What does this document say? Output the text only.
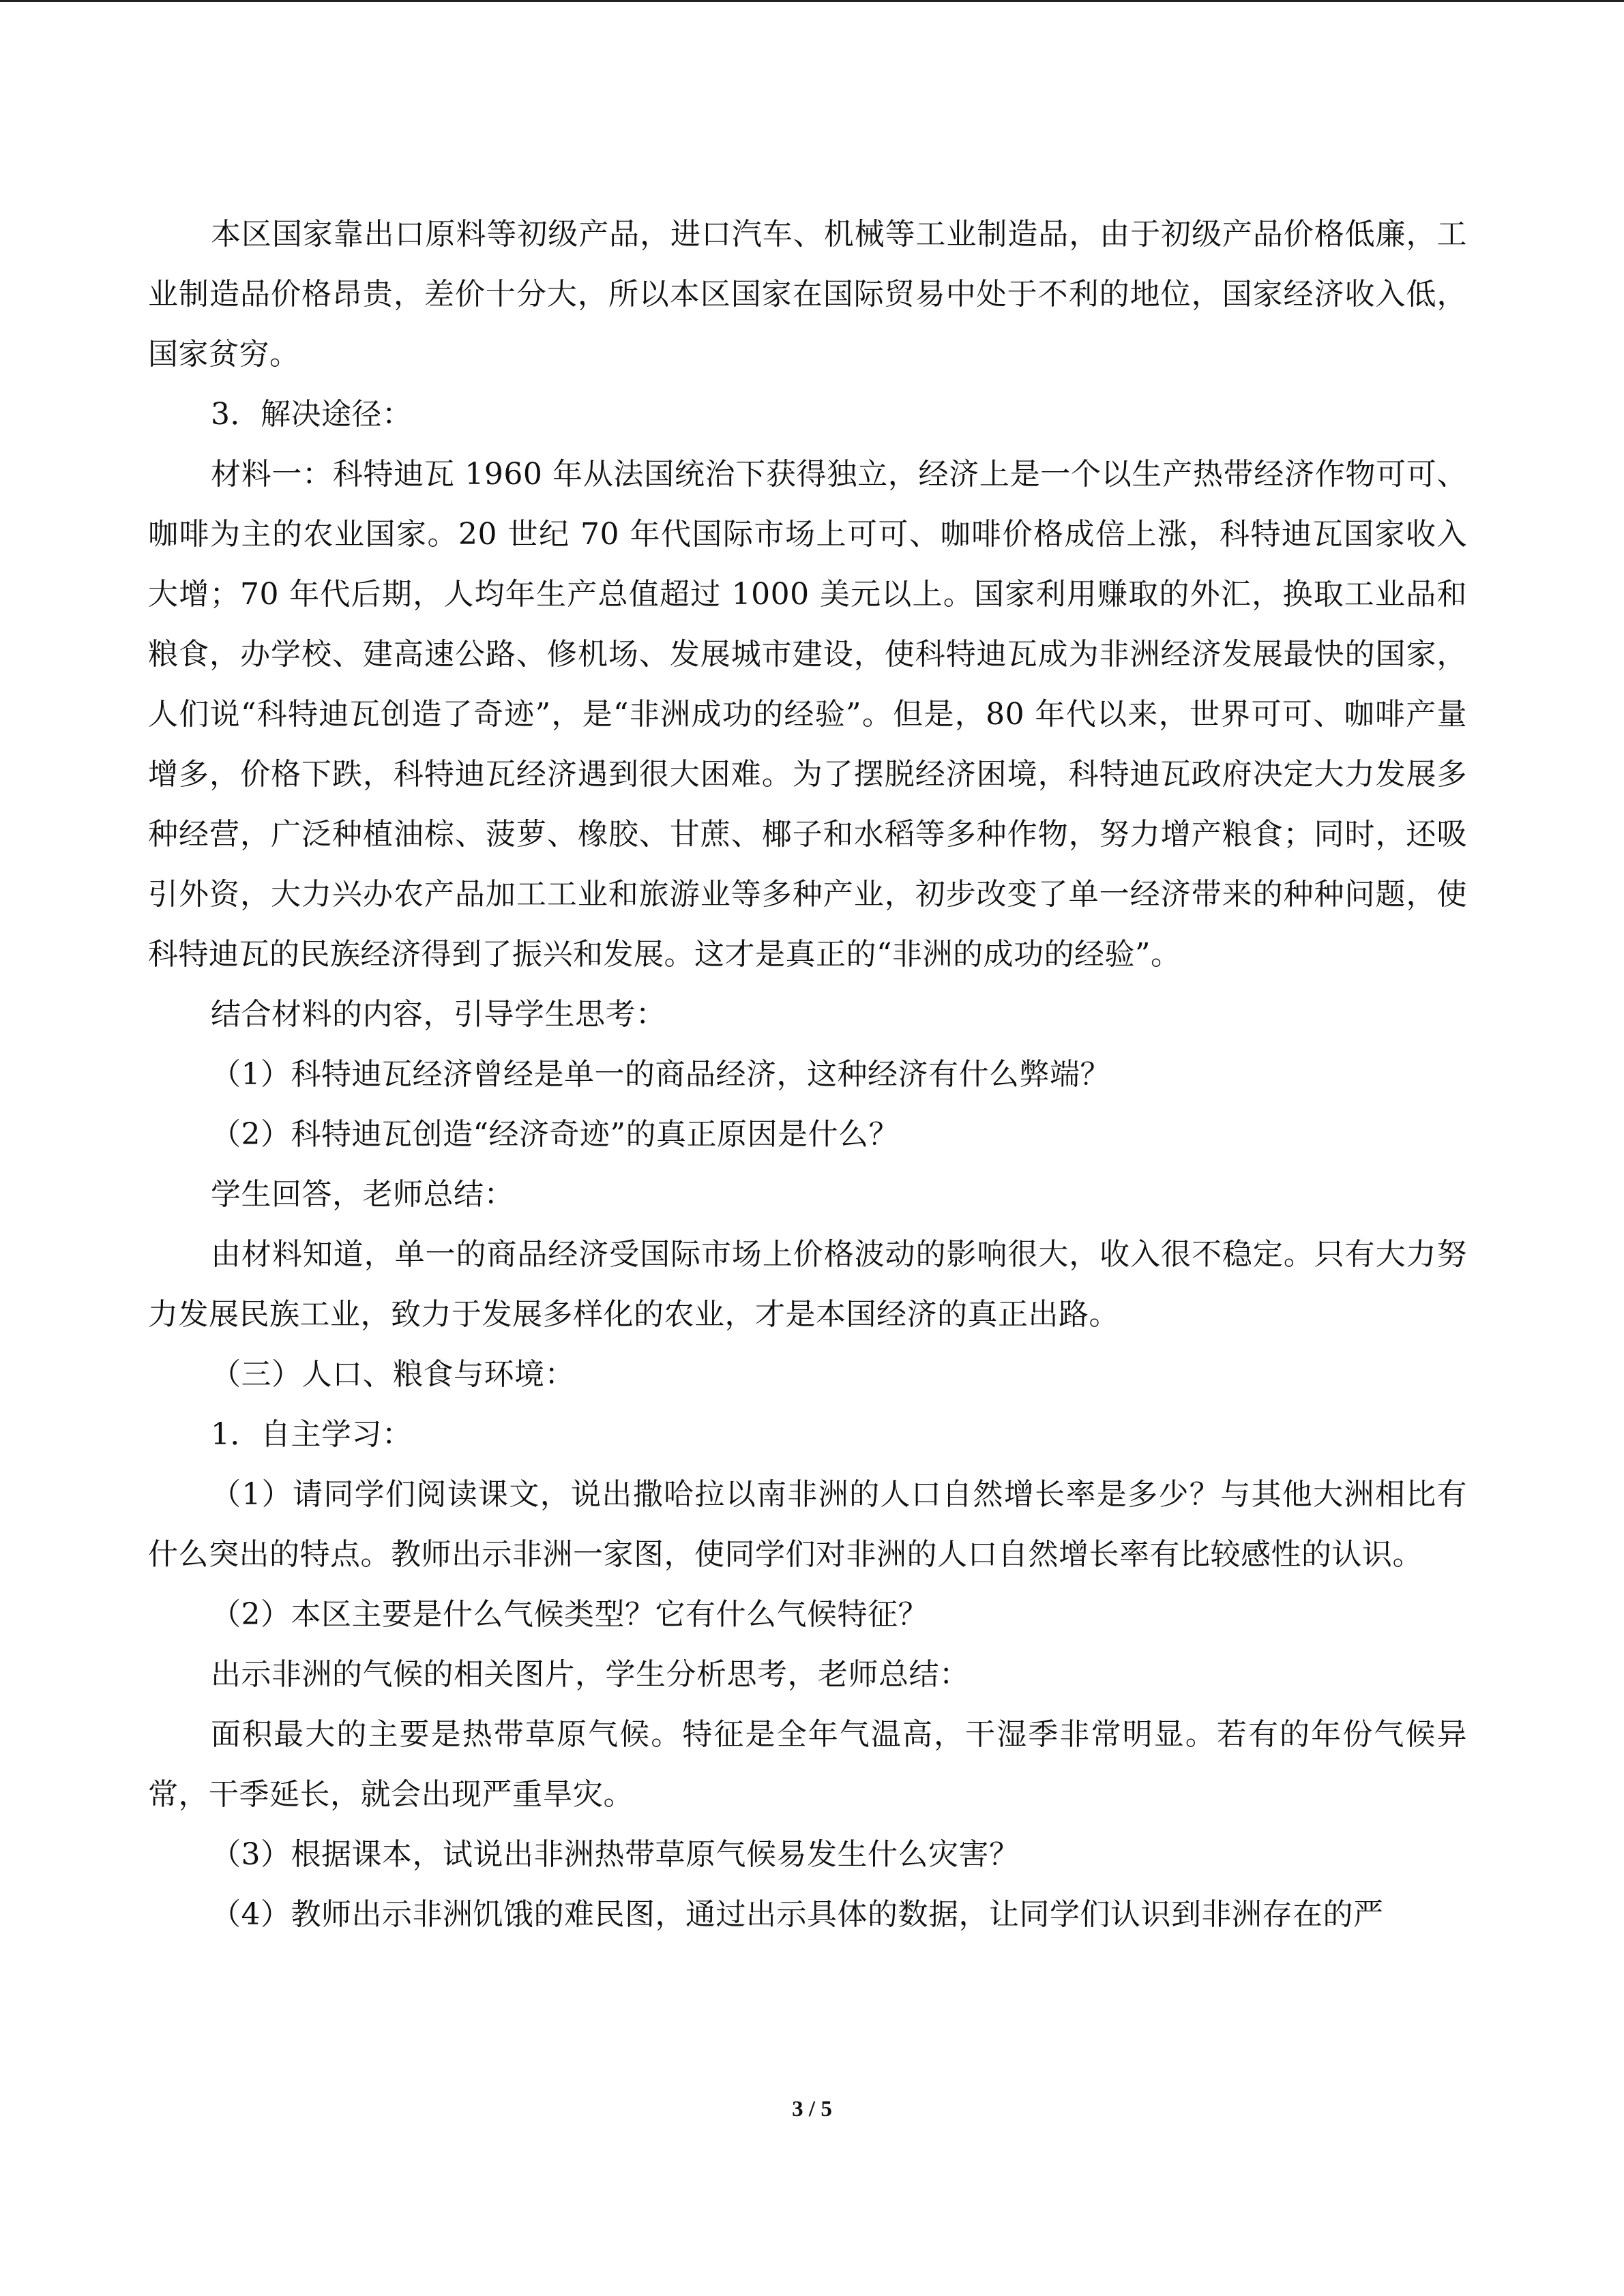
本区国家靠出口原料等初级产品，进口汽车、机械等工业制造品，由于初级产品价格低廉，工业制造品价格昂贵，差价十分大，所以本区国家在国际贸易中处于不利的地位，国家经济收入低，国家贫穷。

3．解决途径：

材料一：科特迪瓦 1960 年从法国统治下获得独立，经济上是一个以生产热带经济作物可可、咖啡为主的农业国家。20 世纪 70 年代国际市场上可可、咖啡价格成倍上涨，科特迪瓦国家收入大增；70 年代后期，人均年生产总值超过 1000 美元以上。国家利用赚取的外汇，换取工业品和粮食，办学校、建高速公路、修机场、发展城市建设，使科特迪瓦成为非洲经济发展最快的国家，人们说“科特迪瓦创造了奇迹”，是“非洲成功的经验”。但是，80 年代以来，世界可可、咖啡产量增多，价格下跌，科特迪瓦经济遇到很大困难。为了摆脱经济困境，科特迪瓦政府决定大力发展多种经营，广泛种植油棕、菠萝、橡胶、甘蔗、椰子和水稻等多种作物，努力增产粮食；同时，还吸引外资，大力兴办农产品加工工业和旅游业等多种产业，初步改变了单一经济带来的种种问题，使科特迪瓦的民族经济得到了振兴和发展。这才是真正的“非洲的成功的经验”。

结合材料的内容，引导学生思考：

（1）科特迪瓦经济曾经是单一的商品经济，这种经济有什么弊端？

（2）科特迪瓦创造“经济奇迹”的真正原因是什么？

学生回答，老师总结：

由材料知道，单一的商品经济受国际市场上价格波动的影响很大，收入很不稳定。只有大力努力发展民族工业，致力于发展多样化的农业，才是本国经济的真正出路。

（三）人口、粮食与环境：

1．自主学习：

（1）请同学们阅读课文，说出撒哈拉以南非洲的人口自然增长率是多少？与其他大洲相比有什么突出的特点。教师出示非洲一家图，使同学们对非洲的人口自然增长率有比较感性的认识。

（2）本区主要是什么气候类型？它有什么气候特征？

出示非洲的气候的相关图片，学生分析思考，老师总结：

面积最大的主要是热带草原气候。特征是全年气温高，干湿季非常明显。若有的年份气候异常，干季延长，就会出现严重旱灾。

（3）根据课本，试说出非洲热带草原气候易发生什么灾害？

（4）教师出示非洲饥饿的难民图，通过出示具体的数据，让同学们认识到非洲存在的严

3 / 5
